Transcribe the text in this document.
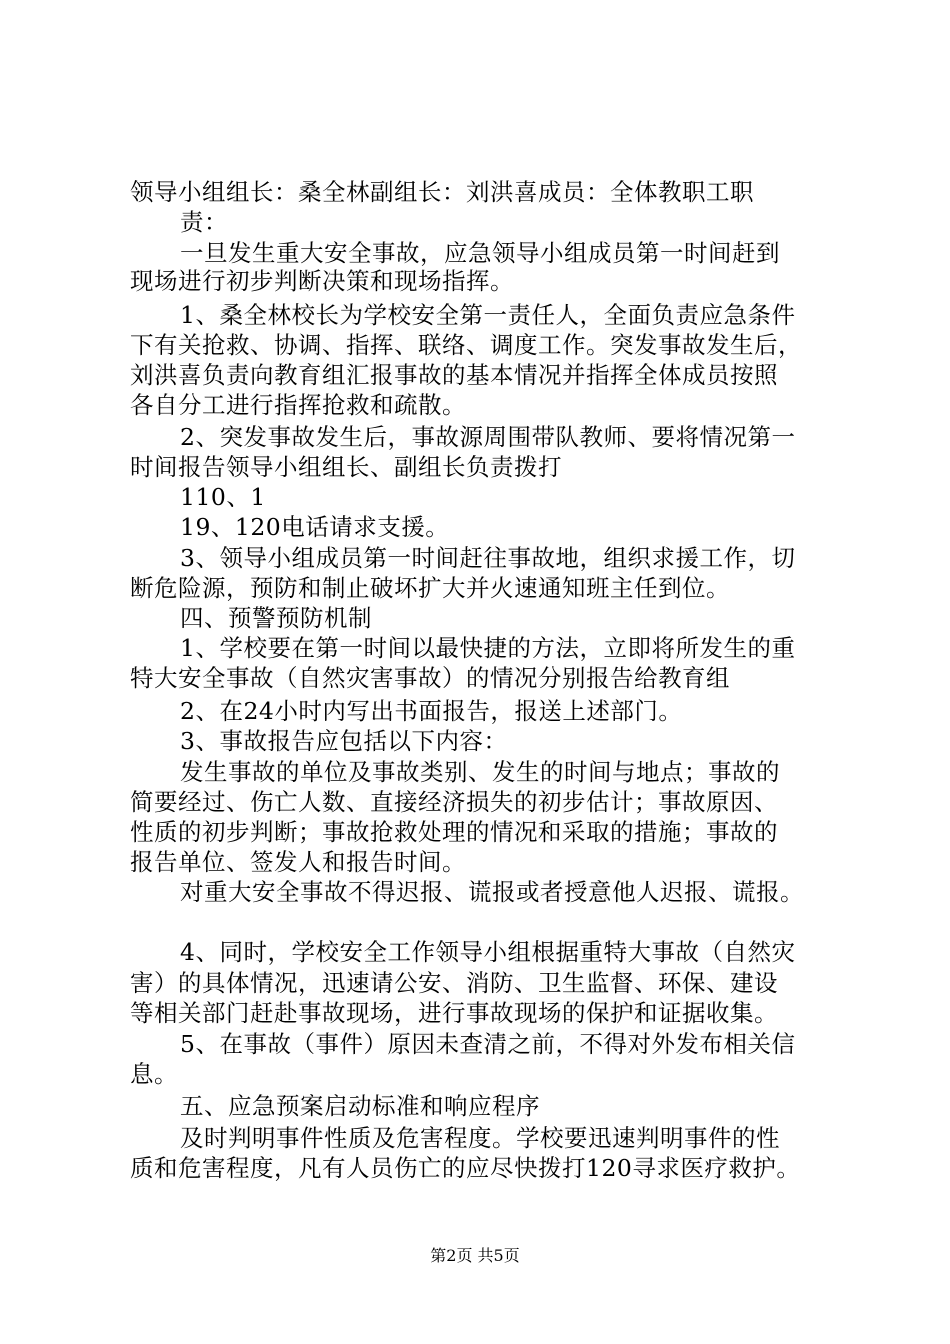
领导小组组长：桑全林副组长：刘洪喜成员：全体教职工职
责：
一旦发生重大安全事故，应急领导小组成员第一时间赶到
现场进行初步判断决策和现场指挥。
1、桑全林校长为学校安全第一责任人，全面负责应急条件
下有关抢救、协调、指挥、联络、调度工作。突发事故发生后，
刘洪喜负责向教育组汇报事故的基本情况并指挥全体成员按照
各自分工进行指挥抢救和疏散。
2、突发事故发生后，事故源周围带队教师、要将情况第一
时间报告领导小组组长、副组长负责拨打
110、1
19、120电话请求支援。
3、领导小组成员第一时间赶往事故地，组织求援工作，切
断危险源，预防和制止破坏扩大并火速通知班主任到位。
四、预警预防机制
1、学校要在第一时间以最快捷的方法，立即将所发生的重
特大安全事故（自然灾害事故）的情况分别报告给教育组
2、在24小时内写出书面报告，报送上述部门。
3、事故报告应包括以下内容：
发生事故的单位及事故类别、发生的时间与地点；事故的
简要经过、伤亡人数、直接经济损失的初步估计；事故原因、
性质的初步判断；事故抢救处理的情况和采取的措施；事故的
报告单位、签发人和报告时间。
对重大安全事故不得迟报、谎报或者授意他人迟报、谎报。
4、同时，学校安全工作领导小组根据重特大事故（自然灾
害）的具体情况，迅速请公安、消防、卫生监督、环保、建设
等相关部门赶赴事故现场，进行事故现场的保护和证据收集。
5、在事故（事件）原因未查清之前，不得对外发布相关信
息。
五、应急预案启动标准和响应程序
及时判明事件性质及危害程度。学校要迅速判明事件的性
质和危害程度，凡有人员伤亡的应尽快拨打120寻求医疗救护。
第2页 共5页
